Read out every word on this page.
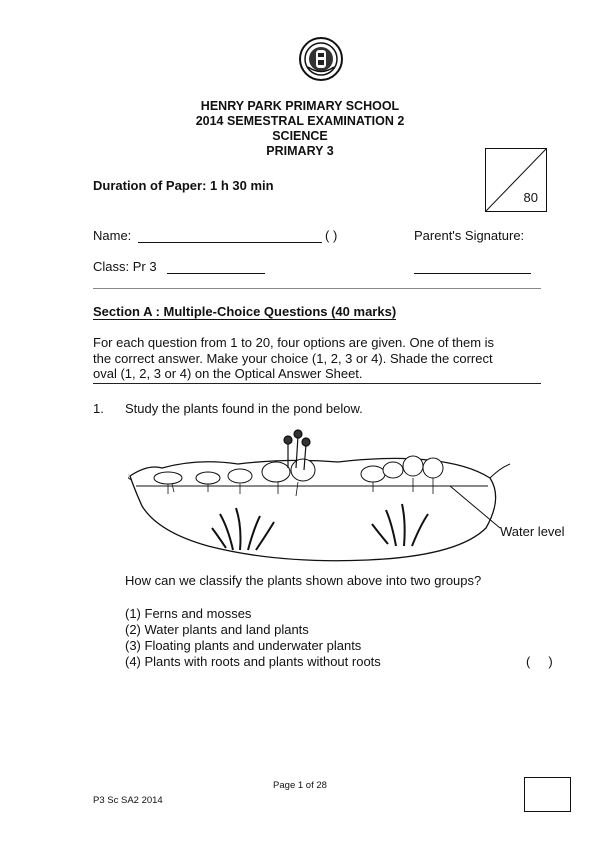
HENRY PARK PRIMARY SCHOOL
2014 SEMESTRAL EXAMINATION 2
SCIENCE
PRIMARY 3
80
Duration of Paper: 1 h 30 min
Name:	( )	Parent's Signature:
Class: Pr 3
Section A : Multiple-Choice Questions (40 marks)
For each question from 1 to 20, four options are given. One of them is
the correct answer. Make your choice (1, 2, 3 or 4). Shade the correct
oval (1, 2, 3 or 4) on the Optical Answer Sheet.
1. Study the plants found in the pond below.
Water level
How can we classify the plants shown above into two groups?
(1) Ferns and mosses
(2) Water plants and land plants
(3) Floating plants and underwater plants
(4) Plants with roots and plants without roots	(     )
Page 1 of 28
P3 Sc SA2 2014
